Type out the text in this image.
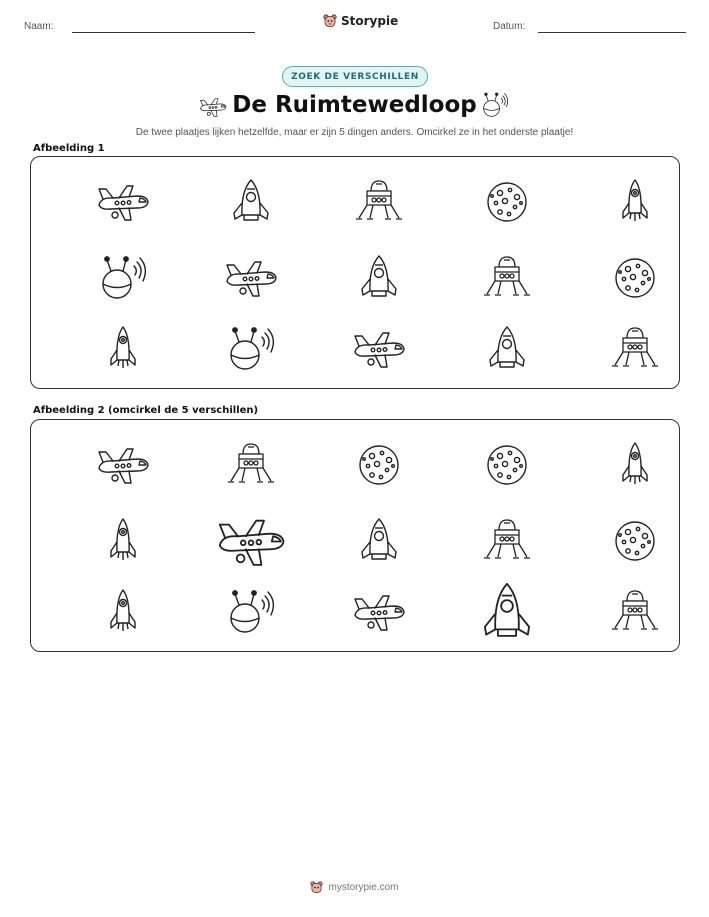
Naam:	Storypie	Datum:
ZOEK DE VERSCHILLEN
De Ruimtewedloop
De twee plaatjes lijken hetzelfde, maar er zijn 5 dingen anders. Omcirkel ze in het onderste plaatje!
Afbeelding 1
Afbeelding 2 (omcirkel de 5 verschillen)
mystorypie.com
